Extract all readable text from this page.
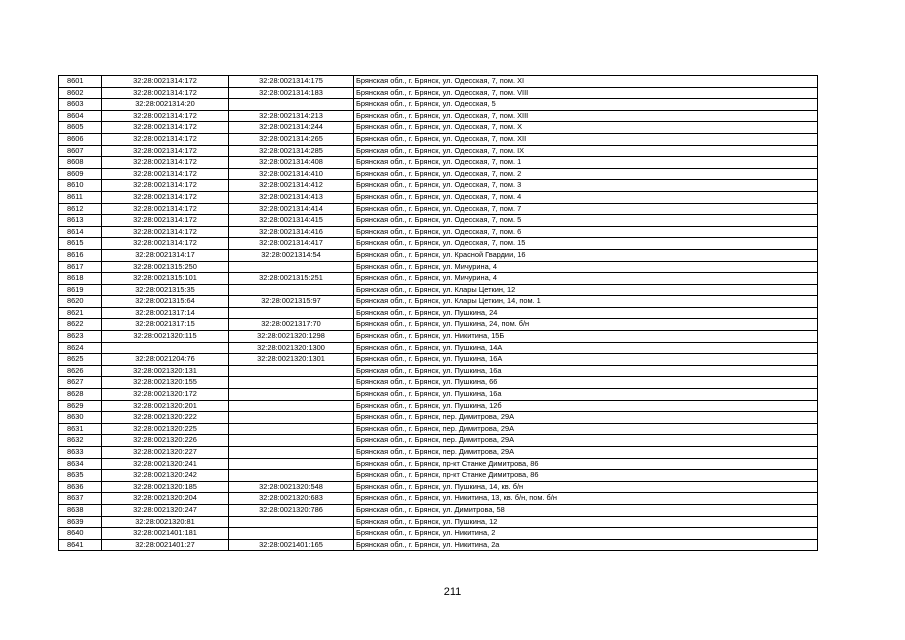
8601	32:28:0021314:172	32:28:0021314:175	Брянская обл., г. Брянск, ул. Одесская, 7, пом. XI
8602	32:28:0021314:172	32:28:0021314:183	Брянская обл., г. Брянск, ул. Одесская, 7, пом. VIII
8603	32:28:0021314:20		Брянская обл., г. Брянск, ул. Одесская, 5
8604	32:28:0021314:172	32:28:0021314:213	Брянская обл., г. Брянск, ул. Одесская, 7, пом. XIII
8605	32:28:0021314:172	32:28:0021314:244	Брянская обл., г. Брянск, ул. Одесская, 7, пом. X
8606	32:28:0021314:172	32:28:0021314:265	Брянская обл., г. Брянск, ул. Одесская, 7, пом. XII
8607	32:28:0021314:172	32:28:0021314:285	Брянская обл., г. Брянск, ул. Одесская, 7, пом. IX
8608	32:28:0021314:172	32:28:0021314:408	Брянская обл., г. Брянск, ул. Одесская, 7, пом. 1
8609	32:28:0021314:172	32:28:0021314:410	Брянская обл., г. Брянск, ул. Одесская, 7, пом. 2
8610	32:28:0021314:172	32:28:0021314:412	Брянская обл., г. Брянск, ул. Одесская, 7, пом. 3
8611	32:28:0021314:172	32:28:0021314:413	Брянская обл., г. Брянск, ул. Одесская, 7, пом. 4
8612	32:28:0021314:172	32:28:0021314:414	Брянская обл., г. Брянск, ул. Одесская, 7, пом. 7
8613	32:28:0021314:172	32:28:0021314:415	Брянская обл., г. Брянск, ул. Одесская, 7, пом. 5
8614	32:28:0021314:172	32:28:0021314:416	Брянская обл., г. Брянск, ул. Одесская, 7, пом. 6
8615	32:28:0021314:172	32:28:0021314:417	Брянская обл., г. Брянск, ул. Одесская, 7, пом. 15
8616	32:28:0021314:17	32:28:0021314:54	Брянская обл., г. Брянск, ул. Красной Гвардии, 16
8617	32:28:0021315:250		Брянская обл., г. Брянск, ул. Мичурина, 4
8618	32:28:0021315:101	32:28:0021315:251	Брянская обл., г. Брянск, ул. Мичурина, 4
8619	32:28:0021315:35		Брянская обл., г. Брянск, ул. Клары Цеткин, 12
8620	32:28:0021315:64	32:28:0021315:97	Брянская обл., г. Брянск, ул. Клары Цеткин, 14, пом. 1
8621	32:28:0021317:14		Брянская обл., г. Брянск, ул. Пушкина, 24
8622	32:28:0021317:15	32:28:0021317:70	Брянская обл., г. Брянск, ул. Пушкина, 24, пом. б/н
8623	32:28:0021320:115	32:28:0021320:1298	Брянская обл., г. Брянск, ул. Никитина, 15Б
8624		32:28:0021320:1300	Брянская обл., г. Брянск, ул. Пушкина, 14А
8625	32:28:0021204:76	32:28:0021320:1301	Брянская обл., г. Брянск, ул. Пушкина, 16А
8626	32:28:0021320:131		Брянская обл., г. Брянск, ул. Пушкина, 16а
8627	32:28:0021320:155		Брянская обл., г. Брянск, ул. Пушкина, 66
8628	32:28:0021320:172		Брянская обл., г. Брянск, ул. Пушкина, 16а
8629	32:28:0021320:201		Брянская обл., г. Брянск, ул. Пушкина, 12б
8630	32:28:0021320:222		Брянская обл., г. Брянск, пер. Димитрова, 29А
8631	32:28:0021320:225		Брянская обл., г. Брянск, пер. Димитрова, 29А
8632	32:28:0021320:226		Брянская обл., г. Брянск, пер. Димитрова, 29А
8633	32:28:0021320:227		Брянская обл., г. Брянск, пер. Димитрова, 29А
8634	32:28:0021320:241		Брянская обл., г. Брянск, пр-кт Станке Димитрова, 86
8635	32:28:0021320:242		Брянская обл., г. Брянск, пр-кт Станке Димитрова, 86
8636	32:28:0021320:185	32:28:0021320:548	Брянская обл., г. Брянск, ул. Пушкина, 14, кв. б/н
8637	32:28:0021320:204	32:28:0021320:683	Брянская обл., г. Брянск, ул. Никитина, 13, кв. б/н, пом. б/н
8638	32:28:0021320:247	32:28:0021320:786	Брянская обл., г. Брянск, ул. Димитрова, 58
8639	32:28:0021320:81		Брянская обл., г. Брянск, ул. Пушкина, 12
8640	32:28:0021401:181		Брянская обл., г. Брянск, ул. Никитина, 2
8641	32:28:0021401:27	32:28:0021401:165	Брянская обл., г. Брянск, ул. Никитина, 2а
211
